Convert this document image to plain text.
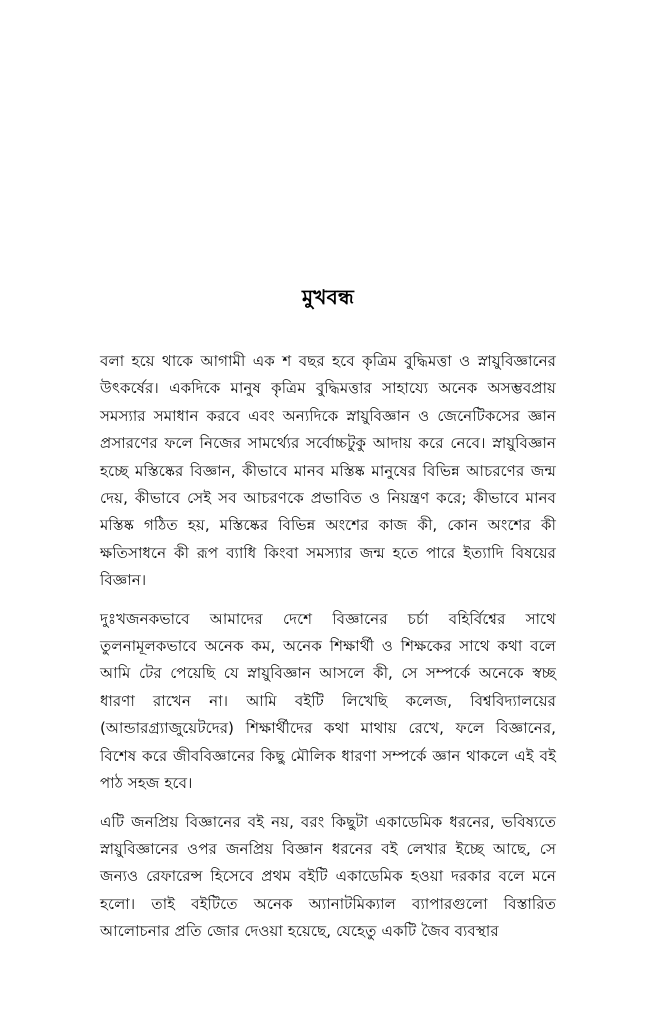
মুখবন্ধ

বলা হয়ে থাকে আগামী এক শ বছর হবে কৃত্রিম বুদ্ধিমত্তা ও স্নায়ুবিজ্ঞানের উৎকর্ষের। একদিকে মানুষ কৃত্রিম বুদ্ধিমত্তার সাহায্যে অনেক অসম্ভবপ্রায় সমস্যার সমাধান করবে এবং অন্যদিকে স্নায়ুবিজ্ঞান ও জেনেটিকসের জ্ঞান প্রসারণের ফলে নিজের সামর্থ্যের সর্বোচ্চটুকু আদায় করে নেবে। স্নায়ুবিজ্ঞান হচ্ছে মস্তিষ্কের বিজ্ঞান, কীভাবে মানব মস্তিষ্ক মানুষের বিভিন্ন আচরণের জন্ম দেয়, কীভাবে সেই সব আচরণকে প্রভাবিত ও নিয়ন্ত্রণ করে; কীভাবে মানব মস্তিষ্ক গঠিত হয়, মস্তিষ্কের বিভিন্ন অংশের কাজ কী, কোন অংশের কী ক্ষতিসাধনে কী রূপ ব্যাধি কিংবা সমস্যার জন্ম হতে পারে ইত্যাদি বিষয়ের বিজ্ঞান।

দুঃখজনকভাবে আমাদের দেশে বিজ্ঞানের চর্চা বহির্বিশ্বের সাথে তুলনামূলকভাবে অনেক কম, অনেক শিক্ষার্থী ও শিক্ষকের সাথে কথা বলে আমি টের পেয়েছি যে স্নায়ুবিজ্ঞান আসলে কী, সে সম্পর্কে অনেকে স্বচ্ছ ধারণা রাখেন না। আমি বইটি লিখেছি কলেজ, বিশ্ববিদ্যালয়ের (আন্ডারগ্র্যাজুয়েটদের) শিক্ষার্থীদের কথা মাথায় রেখে, ফলে বিজ্ঞানের, বিশেষ করে জীববিজ্ঞানের কিছু মৌলিক ধারণা সম্পর্কে জ্ঞান থাকলে এই বই পাঠ সহজ হবে।

এটি জনপ্রিয় বিজ্ঞানের বই নয়, বরং কিছুটা একাডেমিক ধরনের, ভবিষ্যতে স্নায়ুবিজ্ঞানের ওপর জনপ্রিয় বিজ্ঞান ধরনের বই লেখার ইচ্ছে আছে, সে জন্যও রেফারেন্স হিসেবে প্রথম বইটি একাডেমিক হওয়া দরকার বলে মনে হলো। তাই বইটিতে অনেক অ্যানাটমিক্যাল ব্যাপারগুলো বিস্তারিত আলোচনার প্রতি জোর দেওয়া হয়েছে, যেহেতু একটি জৈব ব্যবস্থার
